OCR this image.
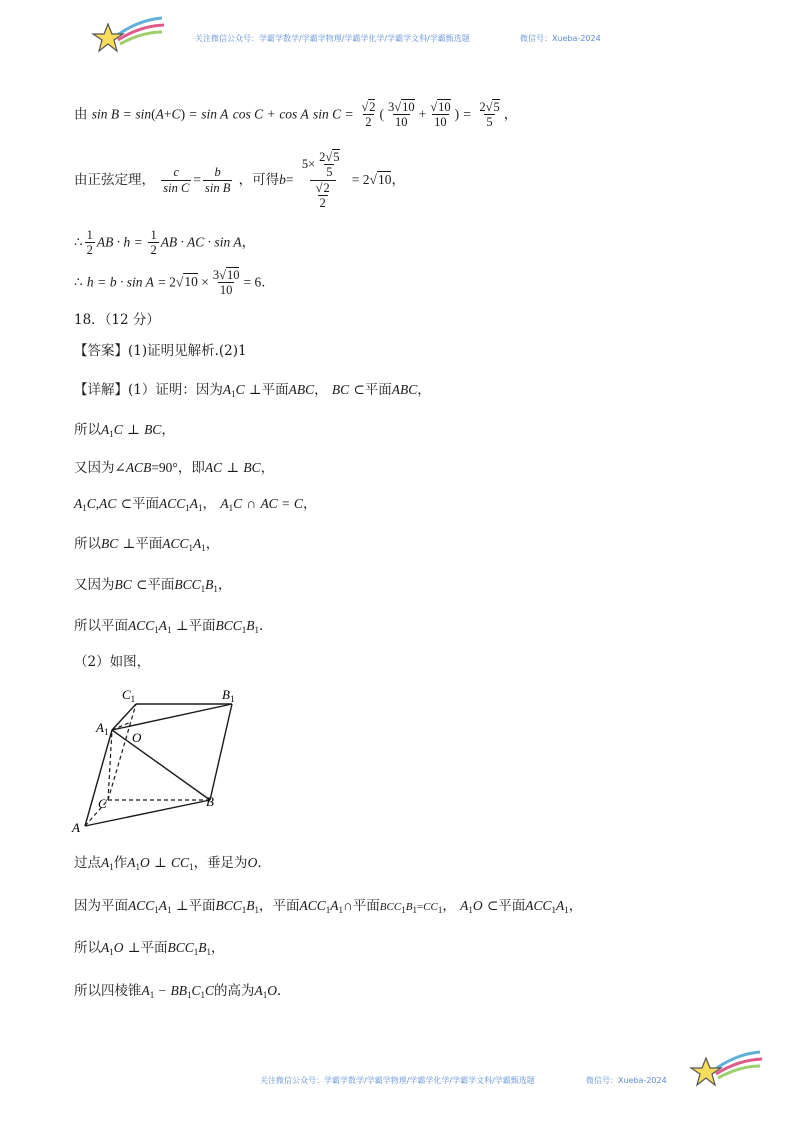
关注微信公众号：学霸学数学/学霸学物理/学霸学化学/学霸学文科/学霸甄选题	微信号：Xueba-2024
由 sin B = sin(A+C) = sin A cos C + cos A $\sin C = \frac{√2}{2}$ ( $\frac{3√10}{10} + \frac{√10}{10}$ ) = $\frac{2√5}{5}$ ，
由正弦定理， $\frac{c}{\text{sin C}} = \frac{b}{\text{sin B}}$ ，可得$b= \frac{5\times \frac{2√5}{5}}{\frac{√2}{2}} = 2√10$，
∴ $\frac{1}{2}$ AB · $h = \frac{1}{2}$ AB · AC · sin A，
∴ $h = b \cdot \sin A = 2√10 \times \frac{3√10}{10} = 6$．
18．（12 分）
【答案】(1)证明见解析.(2)1
【详解】(1）证明：因为$A_1C$ ⊥平面ABC， BC ⊂平面ABC，
所以$A_1C$ ⊥ BC，
又因为∠ACB=90°，即AC ⊥ BC，
$A_1C,AC$ ⊂平面$ACC_1A_1$， $A_1C$ ∩ AC = C，
所以BC ⊥平面$ACC_1A_1$，
又因为BC ⊂平面$BCC_1B_1$，
所以平面$ACC_1A_1$ ⊥平面$BCC_1B_1$．
（2）如图，
$C_1$	$B_1$
$A_1$ O
C	B
A
过点$A_1$作$A_1O$ ⊥ $CC_1$，垂足为O．
因为平面$ACC_1A_1$ ⊥平面$BCC_1B_1$，平面$ACC_1A_1\cap$平面$BCC_1B_1=CC_1$， $A_1O$ ⊂平面$ACC_1A_1$，
所以$A_1O$ ⊥平面$BCC_1B_1$，
所以四棱锥$A_1 - BB_1C_1C$的高为$A_1O$．
关注微信公众号：学霸学数学/学霸学物理/学霸学化学/学霸学文科/学霸甄选题	微信号：Xueba-2024
